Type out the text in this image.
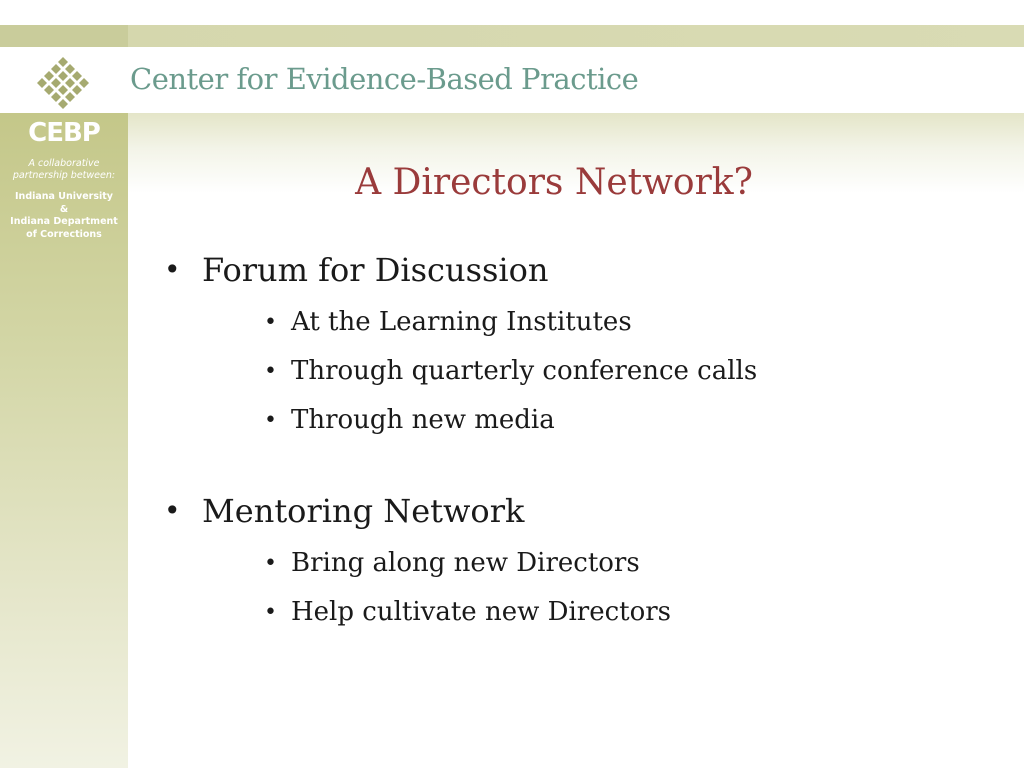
Center for Evidence-Based Practice
CEBP
A collaborative
partnership between:
Indiana University
&
Indiana Department
of Corrections
A Directors Network?
• Forum for Discussion
• At the Learning Institutes
• Through quarterly conference calls
• Through new media
• Mentoring Network
• Bring along new Directors
• Help cultivate new Directors
